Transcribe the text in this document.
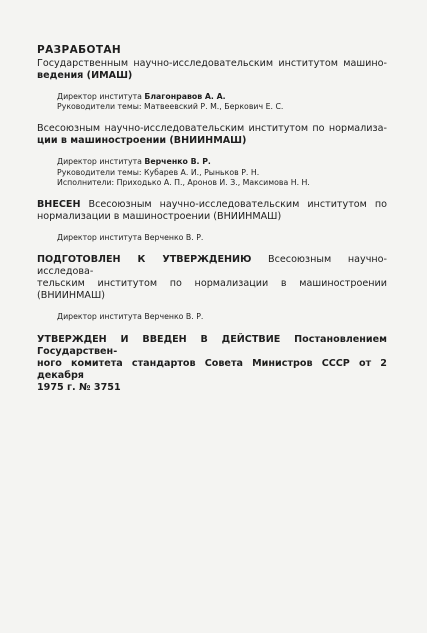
РАЗРАБОТАН
Государственным научно-исследовательским институтом машино-
ведения (ИМАШ)
Директор института Благонравов А. А.
Руководители темы: Матвеевский Р. М., Беркович Е. С.
Всесоюзным научно-исследовательским институтом по нормализа-
ции в машиностроении (ВНИИНМАШ)
Директор института Верченко В. Р.
Руководители темы: Кубарев А. И., Рыньков Р. Н.
Исполнители: Приходько А. П., Аронов И. З., Максимова Н. Н.
ВНЕСЕН Всесоюзным научно-исследовательским институтом по
нормализации в машиностроении (ВНИИНМАШ)
Директор института Верченко В. Р.
ПОДГОТОВЛЕН К УТВЕРЖДЕНИЮ Всесоюзным научно-исследова-
тельским институтом по нормализации в машиностроении
(ВНИИНМАШ)
Директор института Верченко В. Р.
УТВЕРЖДЕН И ВВЕДЕН В ДЕЙСТВИЕ Постановлением Государствен-
ного комитета стандартов Совета Министров СССР от 2 декабря
1975 г. № 3751
